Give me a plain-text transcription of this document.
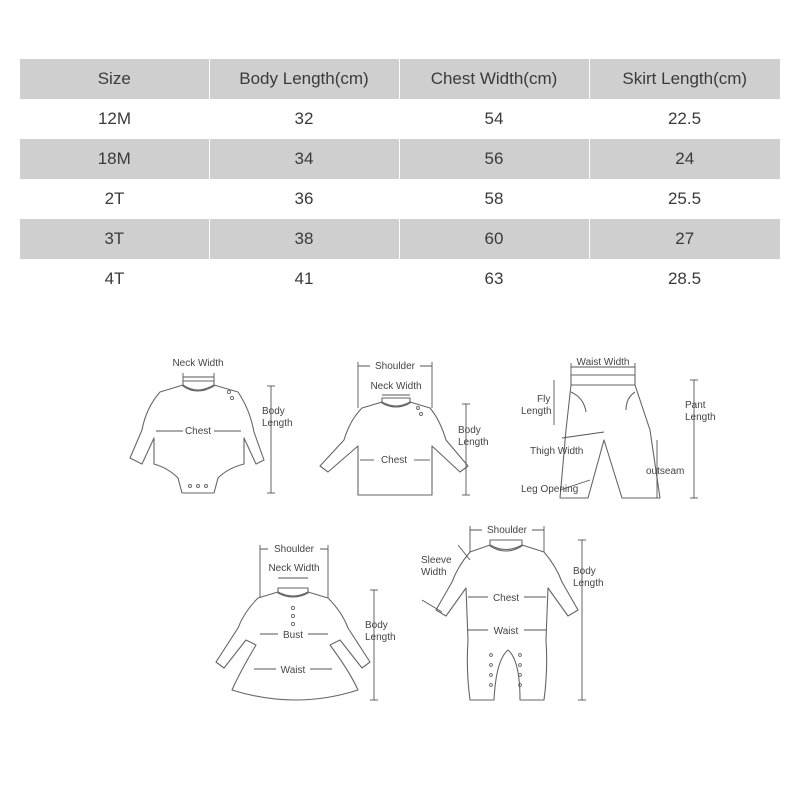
Size	Body Length(cm)	Chest Width(cm)	Skirt Length(cm)
12M	32	54	22.5
18M	34	56	24
2T	36	58	25.5
3T	38	60	27
4T	41	63	28.5
Neck Width
Chest
Body
Length
Shoulder
Neck Width
Chest
Body
Length
Waist Width
Fly
Length
Pant
Length
Thigh Width
outseam
Leg Opening
Shoulder
Neck Width
Bust
Waist
Body
Length
Shoulder
Sleeve
Width
Chest
Waist
Body
Length
